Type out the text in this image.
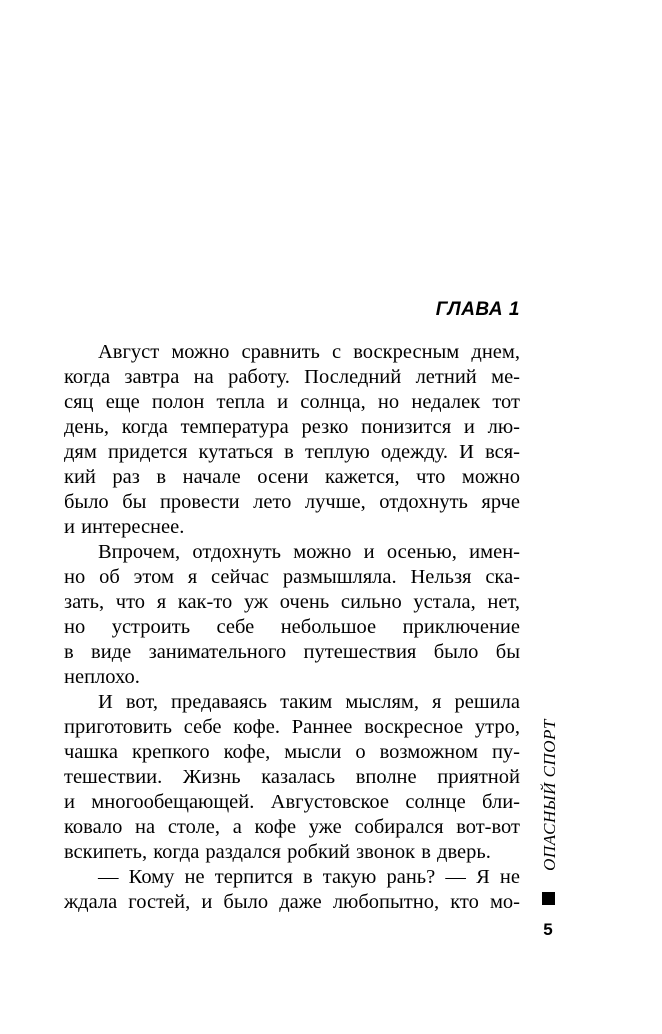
ГЛАВА 1
Август можно сравнить с воскресным днем,
когда завтра на работу. Последний летний ме-
сяц еще полон тепла и солнца, но недалек тот
день, когда температура резко понизится и лю-
дям придется кутаться в теплую одежду. И вся-
кий раз в начале осени кажется, что можно
было бы провести лето лучше, отдохнуть ярче
и интереснее.
Впрочем, отдохнуть можно и осенью, имен-
но об этом я сейчас размышляла. Нельзя ска-
зать, что я как-то уж очень сильно устала, нет,
но устроить себе небольшое приключение
в виде занимательного путешествия было бы
неплохо.
И вот, предаваясь таким мыслям, я решила
приготовить себе кофе. Раннее воскресное утро,
чашка крепкого кофе, мысли о возможном пу-
тешествии. Жизнь казалась вполне приятной
и многообещающей. Августовское солнце бли-
ковало на столе, а кофе уже собирался вот-вот
вскипеть, когда раздался робкий звонок в дверь.
— Кому не терпится в такую рань? — Я не
ждала гостей, и было даже любопытно, кто мо-
ОПАСНЫЙ СПОРТ
5
